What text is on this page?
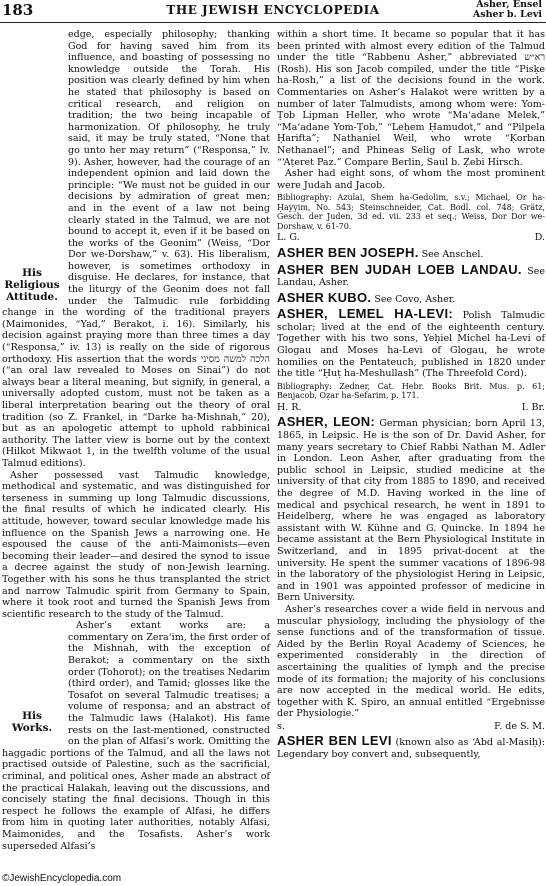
183	THE JEWISH ENCYCLOPEDIA	Asher, Ensel
Asher b. Levi
His
Religious
Attitude.

edge, especially philosophy; thanking God for having saved him from its influence, and boasting of possessing no knowledge outside the Torah. His position was clearly defined by him when he stated that philosophy is based on critical research, and religion on tradition; the two being incapable of harmonization. Of philosophy, he truly said, it may be truly stated, “None that go unto her may return” (“Responsa,” lv. 9). Asher, however, had the courage of an independent opinion and laid down the principle: “We must not be guided in our decisions by admiration of great men; and in the event of a law not being clearly stated in the Talmud, we are not bound to accept it, even if it be based on the works of the Geonim” (Weiss, “Dor Dor we-Dorshaw,” v. 63). His liberalism, however, is sometimes orthodoxy in disguise. He declares, for instance, that the liturgy of the Geonim does not fall under the Talmudic rule forbidding change in the wording of the traditional prayers (Maimonides, “Yad,” Berakot, i. 16). Similarly, his decision against praying more than three times a day (“Responsa,” iv. 13) is really on the side of rigorous orthodoxy. His assertion that the words הלכה למשה מסיני (“an oral law revealed to Moses on Sinai”) do not always bear a literal meaning, but signify, in general, a universally adopted custom, must not be taken as a liberal interpretation bearing out the theory of oral tradition (so Z. Frankel, in “Darke ha-Mishnah,” 20), but as an apologetic attempt to uphold rabbinical authority. The latter view is borne out by the context (Hilkot Mikwaot 1, in the twelfth volume of the usual Talmud editions).

Asher possessed vast Talmudic knowledge, methodical and systematic, and was distinguished for terseness in summing up long Talmudic discussions, the final results of which he indicated clearly. His attitude, however, toward secular knowledge made his influence on the Spanish Jews a narrowing one. He espoused the cause of the anti-Maimonists—even becoming their leader—and desired the synod to issue a decree against the study of non-Jewish learning. Together with his sons he thus transplanted the strict and narrow Talmudic spirit from Germany to Spain, where it took root and turned the Spanish Jews from scientific research to the study of the Talmud.

His Works.

Asher’s extant works are: a commentary on Zera‘im, the first order of the Mishnah, with the exception of Berakot; a commentary on the sixth order (Tohorot); on the treatises Nedarim (third order), and Tamid; glosses like the Tosafot on several Talmudic treatises; a volume of responsa; and an abstract of the Talmudic laws (Halakot). His fame rests on the last-mentioned, constructed on the plan of Alfasi’s work. Omitting the haggadic portions of the Talmud, and all the laws not practised outside of Palestine, such as the sacrificial, criminal, and political ones, Asher made an abstract of the practical Halakah, leaving out the discussions, and concisely stating the final decisions. Though in this respect he follows the example of Alfasi, he differs from him in quoting later authorities, notably Alfasi, Maimonides, and the Tosafists. Asher’s work superseded Alfasi’s

within a short time. It became so popular that it has been printed with almost every edition of the Talmud under the title “Rabbenu Asher,” abbreviated רא״ש (Rosh). His son Jacob compiled, under the title “Pisḳe ha-Rosh,” a list of the decisions found in the work. Commentaries on Asher’s Halakot were written by a number of later Talmudists, among whom were: Yom-Ṭob Lipman Heller, who wrote “Ma‘adane Melek,” “Ma‘adane Yom-Ṭob,” “Leḥem Ḥamudot,” and “Pilpela Ḥarifta”; Nathaniel Weil, who wrote “Ḳorban Nethanael”; and Phineas Selig of Lask, who wrote “‘Aṭeret Paz.” Compare Berlin, Saul b. Ẓebi Hirsch.

Asher had eight sons, of whom the most prominent were Judah and Jacob.

Bibliography: Azulai, Shem ha-Gedolim, s.v.; Michael, Or ha-Ḥayyim, No. 543; Steinschneider, Cat. Bodl. col. 748; Grätz, Gesch. der Juden, 3d ed. vii. 233 et seq.; Weiss, Dor Dor we-Dorshaw, v. 61-70.

L. G.	D.

ASHER BEN JOSEPH. See Anschel.

ASHER BEN JUDAH LOEB LANDAU. See Landau, Asher.

ASHER KUBO. See Covo, Asher.

ASHER, LEMEL HA-LEVI: Polish Talmudic scholar; lived at the end of the eighteenth century. Together with his two sons, Yeḥiel Michel ha-Levi of Glogau and Moses ha-Levi of Glogau, he wrote homilies on the Pentateuch, published in 1820 under the title “Ḥuṭ ha-Meshullash” (The Threefold Cord).

Bibliography: Zedner, Cat. Hebr. Books Brit. Mus. p. 61; Benjacob, Oẓar ha-Sefarim, p. 171.

H. R.	I. Br.

ASHER, LEON: German physician; born April 13, 1865, in Leipsic. He is the son of Dr. David Asher, for many years secretary to Chief Rabbi Nathan M. Adler in London. Leon Asher, after graduating from the public school in Leipsic, studied medicine at the university of that city from 1885 to 1890, and received the degree of M.D. Having worked in the line of medical and psychical research, he went in 1891 to Heidelberg, where he was engaged as laboratory assistant with W. Kühne and G. Quincke. In 1894 he became assistant at the Bern Physiological Institute in Switzerland, and in 1895 privat-docent at the university. He spent the summer vacations of 1896-98 in the laboratory of the physiologist Hering in Leipsic, and in 1901 was appointed professor of medicine in Bern University.

Asher’s researches cover a wide field in nervous and muscular physiology, including the physiology of the sense functions and of the transformation of tissue. Aided by the Berlin Royal Academy of Sciences, he experimented considerably in the direction of ascertaining the qualities of lymph and the precise mode of its formation; the majority of his conclusions are now accepted in the medical world. He edits, together with K. Spiro, an annual entitled “Ergebnisse der Physiologie.”

s.	F. de S. M.

ASHER BEN LEVI (known also as ‘Abd al-Masiḥ): Legendary boy convert and, subsequently,

©JewishEncyclopedia.com
